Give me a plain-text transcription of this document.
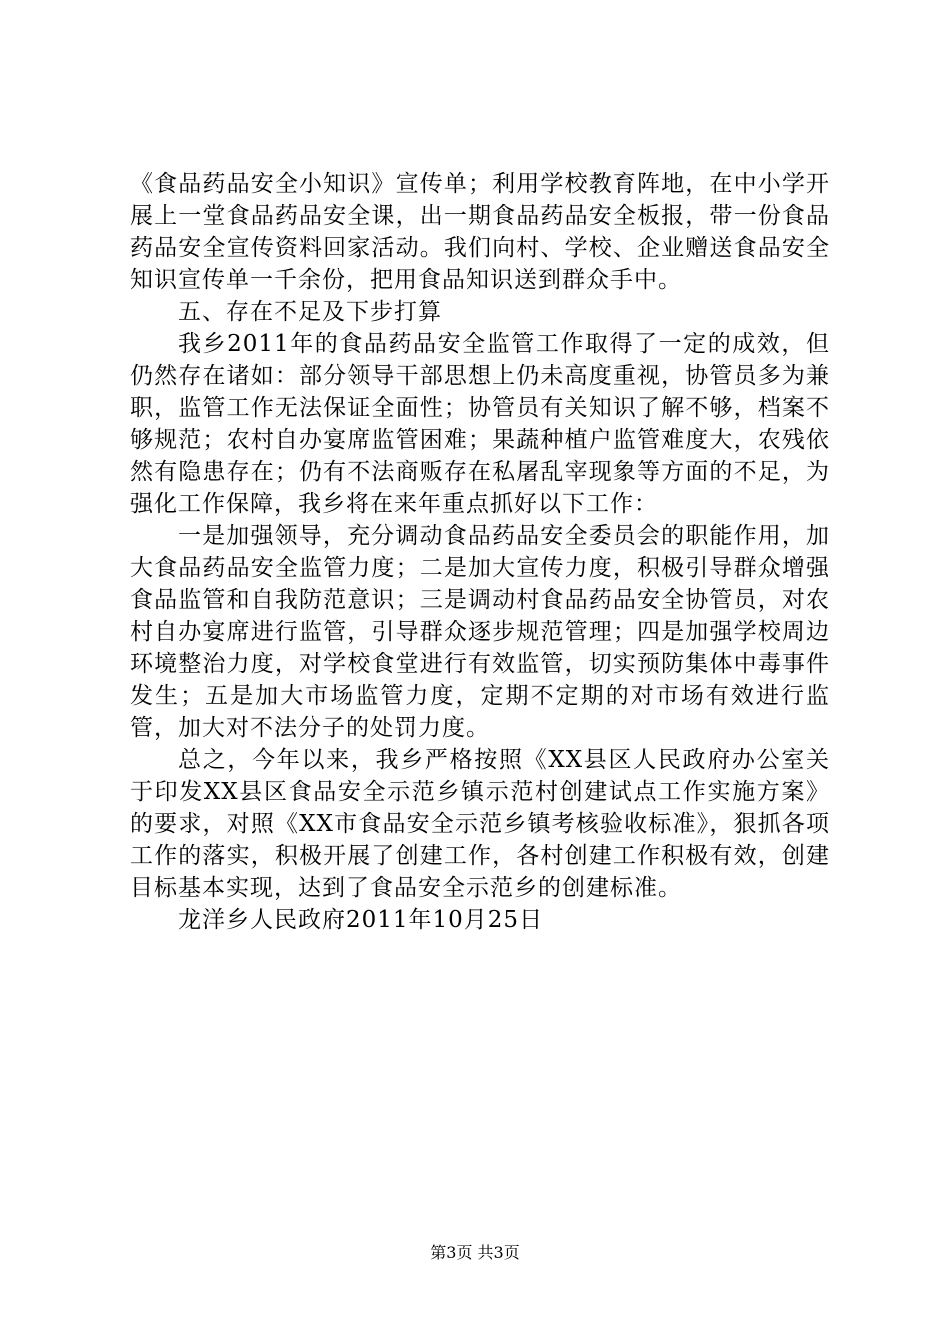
《食品药品安全小知识》宣传单；利用学校教育阵地，在中小学开展上一堂食品药品安全课，出一期食品药品安全板报，带一份食品药品安全宣传资料回家活动。我们向村、学校、企业赠送食品安全知识宣传单一千余份，把用食品知识送到群众手中。

五、存在不足及下步打算

我乡2011年的食品药品安全监管工作取得了一定的成效，但仍然存在诸如：部分领导干部思想上仍未高度重视，协管员多为兼职，监管工作无法保证全面性；协管员有关知识了解不够，档案不够规范；农村自办宴席监管困难；果蔬种植户监管难度大，农残依然有隐患存在；仍有不法商贩存在私屠乱宰现象等方面的不足，为强化工作保障，我乡将在来年重点抓好以下工作：

一是加强领导，充分调动食品药品安全委员会的职能作用，加大食品药品安全监管力度；二是加大宣传力度，积极引导群众增强食品监管和自我防范意识；三是调动村食品药品安全协管员，对农村自办宴席进行监管，引导群众逐步规范管理；四是加强学校周边环境整治力度，对学校食堂进行有效监管，切实预防集体中毒事件发生；五是加大市场监管力度，定期不定期的对市场有效进行监管，加大对不法分子的处罚力度。

总之，今年以来，我乡严格按照《XX县区人民政府办公室关于印发XX县区食品安全示范乡镇示范村创建试点工作实施方案》的要求，对照《XX市食品安全示范乡镇考核验收标准》，狠抓各项工作的落实，积极开展了创建工作，各村创建工作积极有效，创建目标基本实现，达到了食品安全示范乡的创建标准。

龙洋乡人民政府2011年10月25日

第3页 共3页
